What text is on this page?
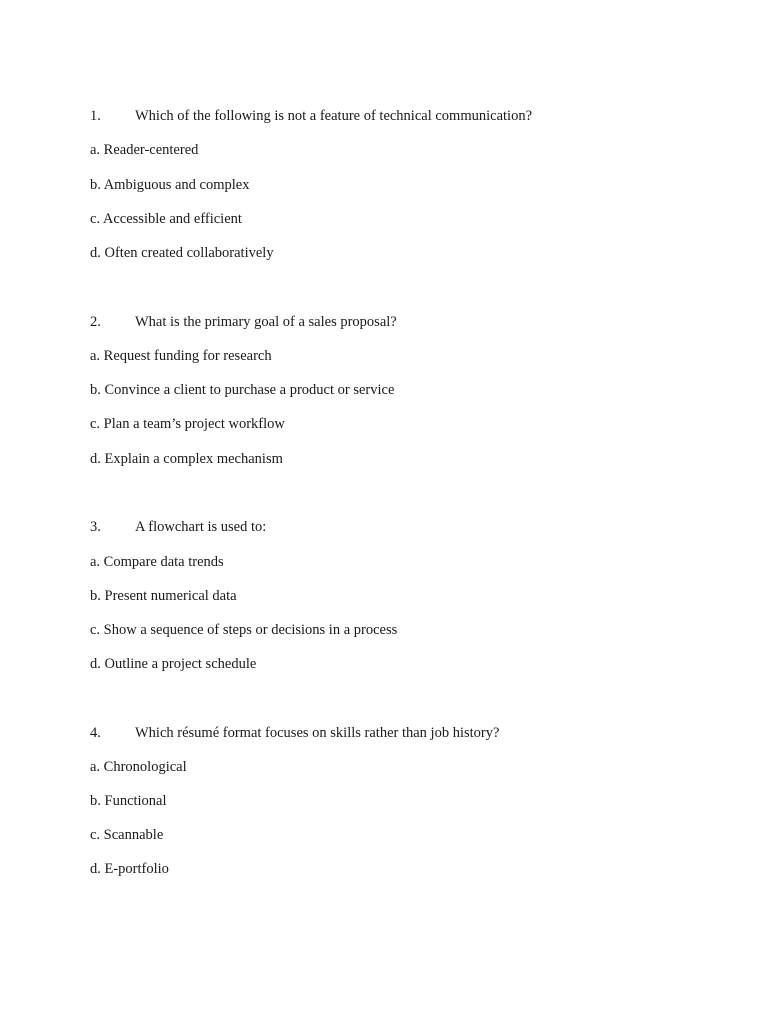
1. Which of the following is not a feature of technical communication?
a. Reader-centered
b. Ambiguous and complex
c. Accessible and efficient
d. Often created collaboratively
2. What is the primary goal of a sales proposal?
a. Request funding for research
b. Convince a client to purchase a product or service
c. Plan a team’s project workflow
d. Explain a complex mechanism
3. A flowchart is used to:
a. Compare data trends
b. Present numerical data
c. Show a sequence of steps or decisions in a process
d. Outline a project schedule
4. Which résumé format focuses on skills rather than job history?
a. Chronological
b. Functional
c. Scannable
d. E-portfolio
